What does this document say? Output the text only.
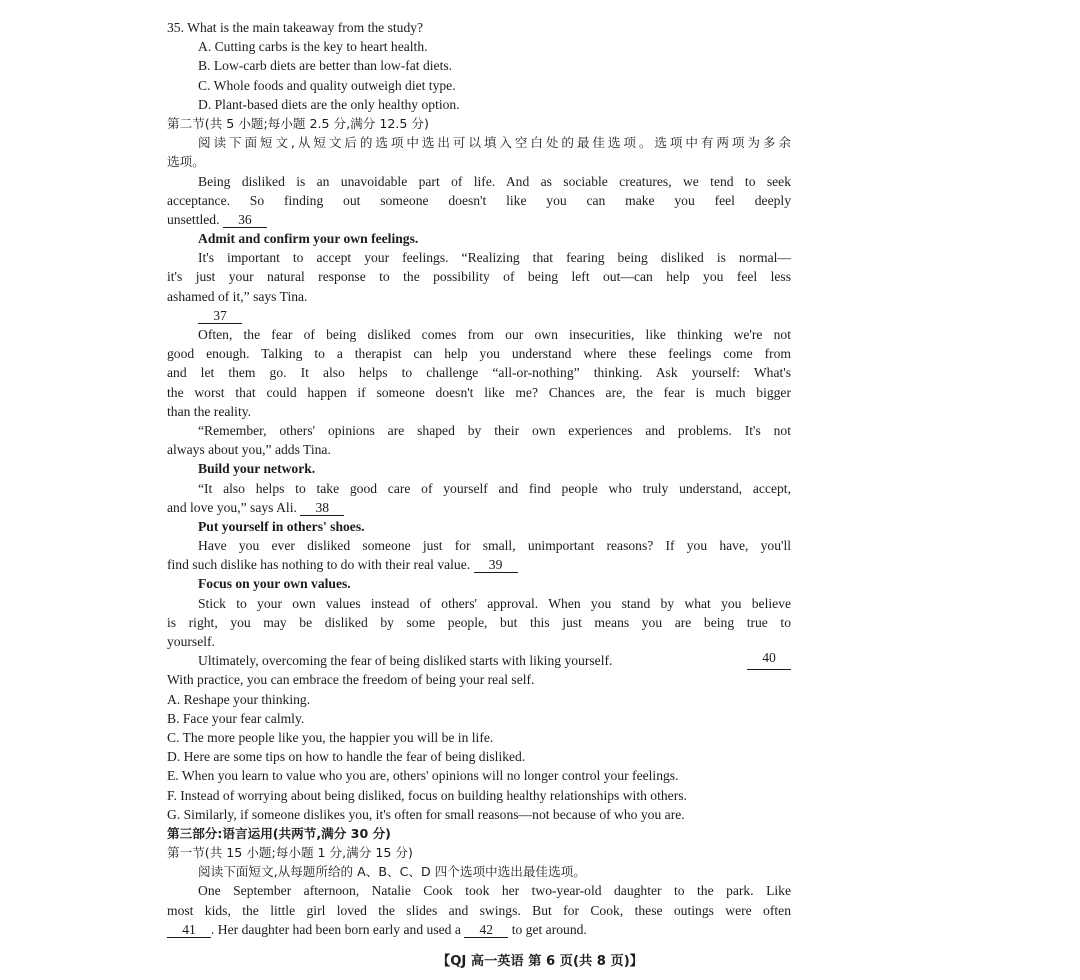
35. What is the main takeaway from the study?
A. Cutting carbs is the key to heart health.
B. Low-carb diets are better than low-fat diets.
C. Whole foods and quality outweigh diet type.
D. Plant-based diets are the only healthy option.
第二节(共 5 小题;每小题 2.5 分,满分 12.5 分)
阅读下面短文,从短文后的选项中选出可以填入空白处的最佳选项。选项中有两项为多余
选项。
Being disliked is an unavoidable part of life. And as sociable creatures, we tend to seek
acceptance. So finding out someone doesn't like you can make you feel deeply
unsettled. 36
Admit and confirm your own feelings.
It's important to accept your feelings. “Realizing that fearing being disliked is normal—
it's just your natural response to the possibility of being left out—can help you feel less
ashamed of it,” says Tina.
37
Often, the fear of being disliked comes from our own insecurities, like thinking we're not
good enough. Talking to a therapist can help you understand where these feelings come from
and let them go. It also helps to challenge “all-or-nothing” thinking. Ask yourself: What's
the worst that could happen if someone doesn't like me? Chances are, the fear is much bigger
than the reality.
“Remember, others' opinions are shaped by their own experiences and problems. It's not
always about you,” adds Tina.
Build your network.
“It also helps to take good care of yourself and find people who truly understand, accept,
and love you,” says Ali. 38
Put yourself in others' shoes.
Have you ever disliked someone just for small, unimportant reasons? If you have, you'll
find such dislike has nothing to do with their real value. 39
Focus on your own values.
Stick to your own values instead of others' approval. When you stand by what you believe
is right, you may be disliked by some people, but this just means you are being true to
yourself.
Ultimately, overcoming the fear of being disliked starts with liking yourself.	40
With practice, you can embrace the freedom of being your real self.
A. Reshape your thinking.
B. Face your fear calmly.
C. The more people like you, the happier you will be in life.
D. Here are some tips on how to handle the fear of being disliked.
E. When you learn to value who you are, others' opinions will no longer control your feelings.
F. Instead of worrying about being disliked, focus on building healthy relationships with others.
G. Similarly, if someone dislikes you, it's often for small reasons—not because of who you are.
第三部分:语言运用(共两节,满分 30 分)
第一节(共 15 小题;每小题 1 分,满分 15 分)
阅读下面短文,从每题所给的 A、B、C、D 四个选项中选出最佳选项。
One September afternoon, Natalie Cook took her two-year-old daughter to the park. Like
most kids, the little girl loved the slides and swings. But for Cook, these outings were often
41 . Her daughter had been born early and used a 42 to get around.
【QJ 高一英语 第 6 页(共 8 页)】
